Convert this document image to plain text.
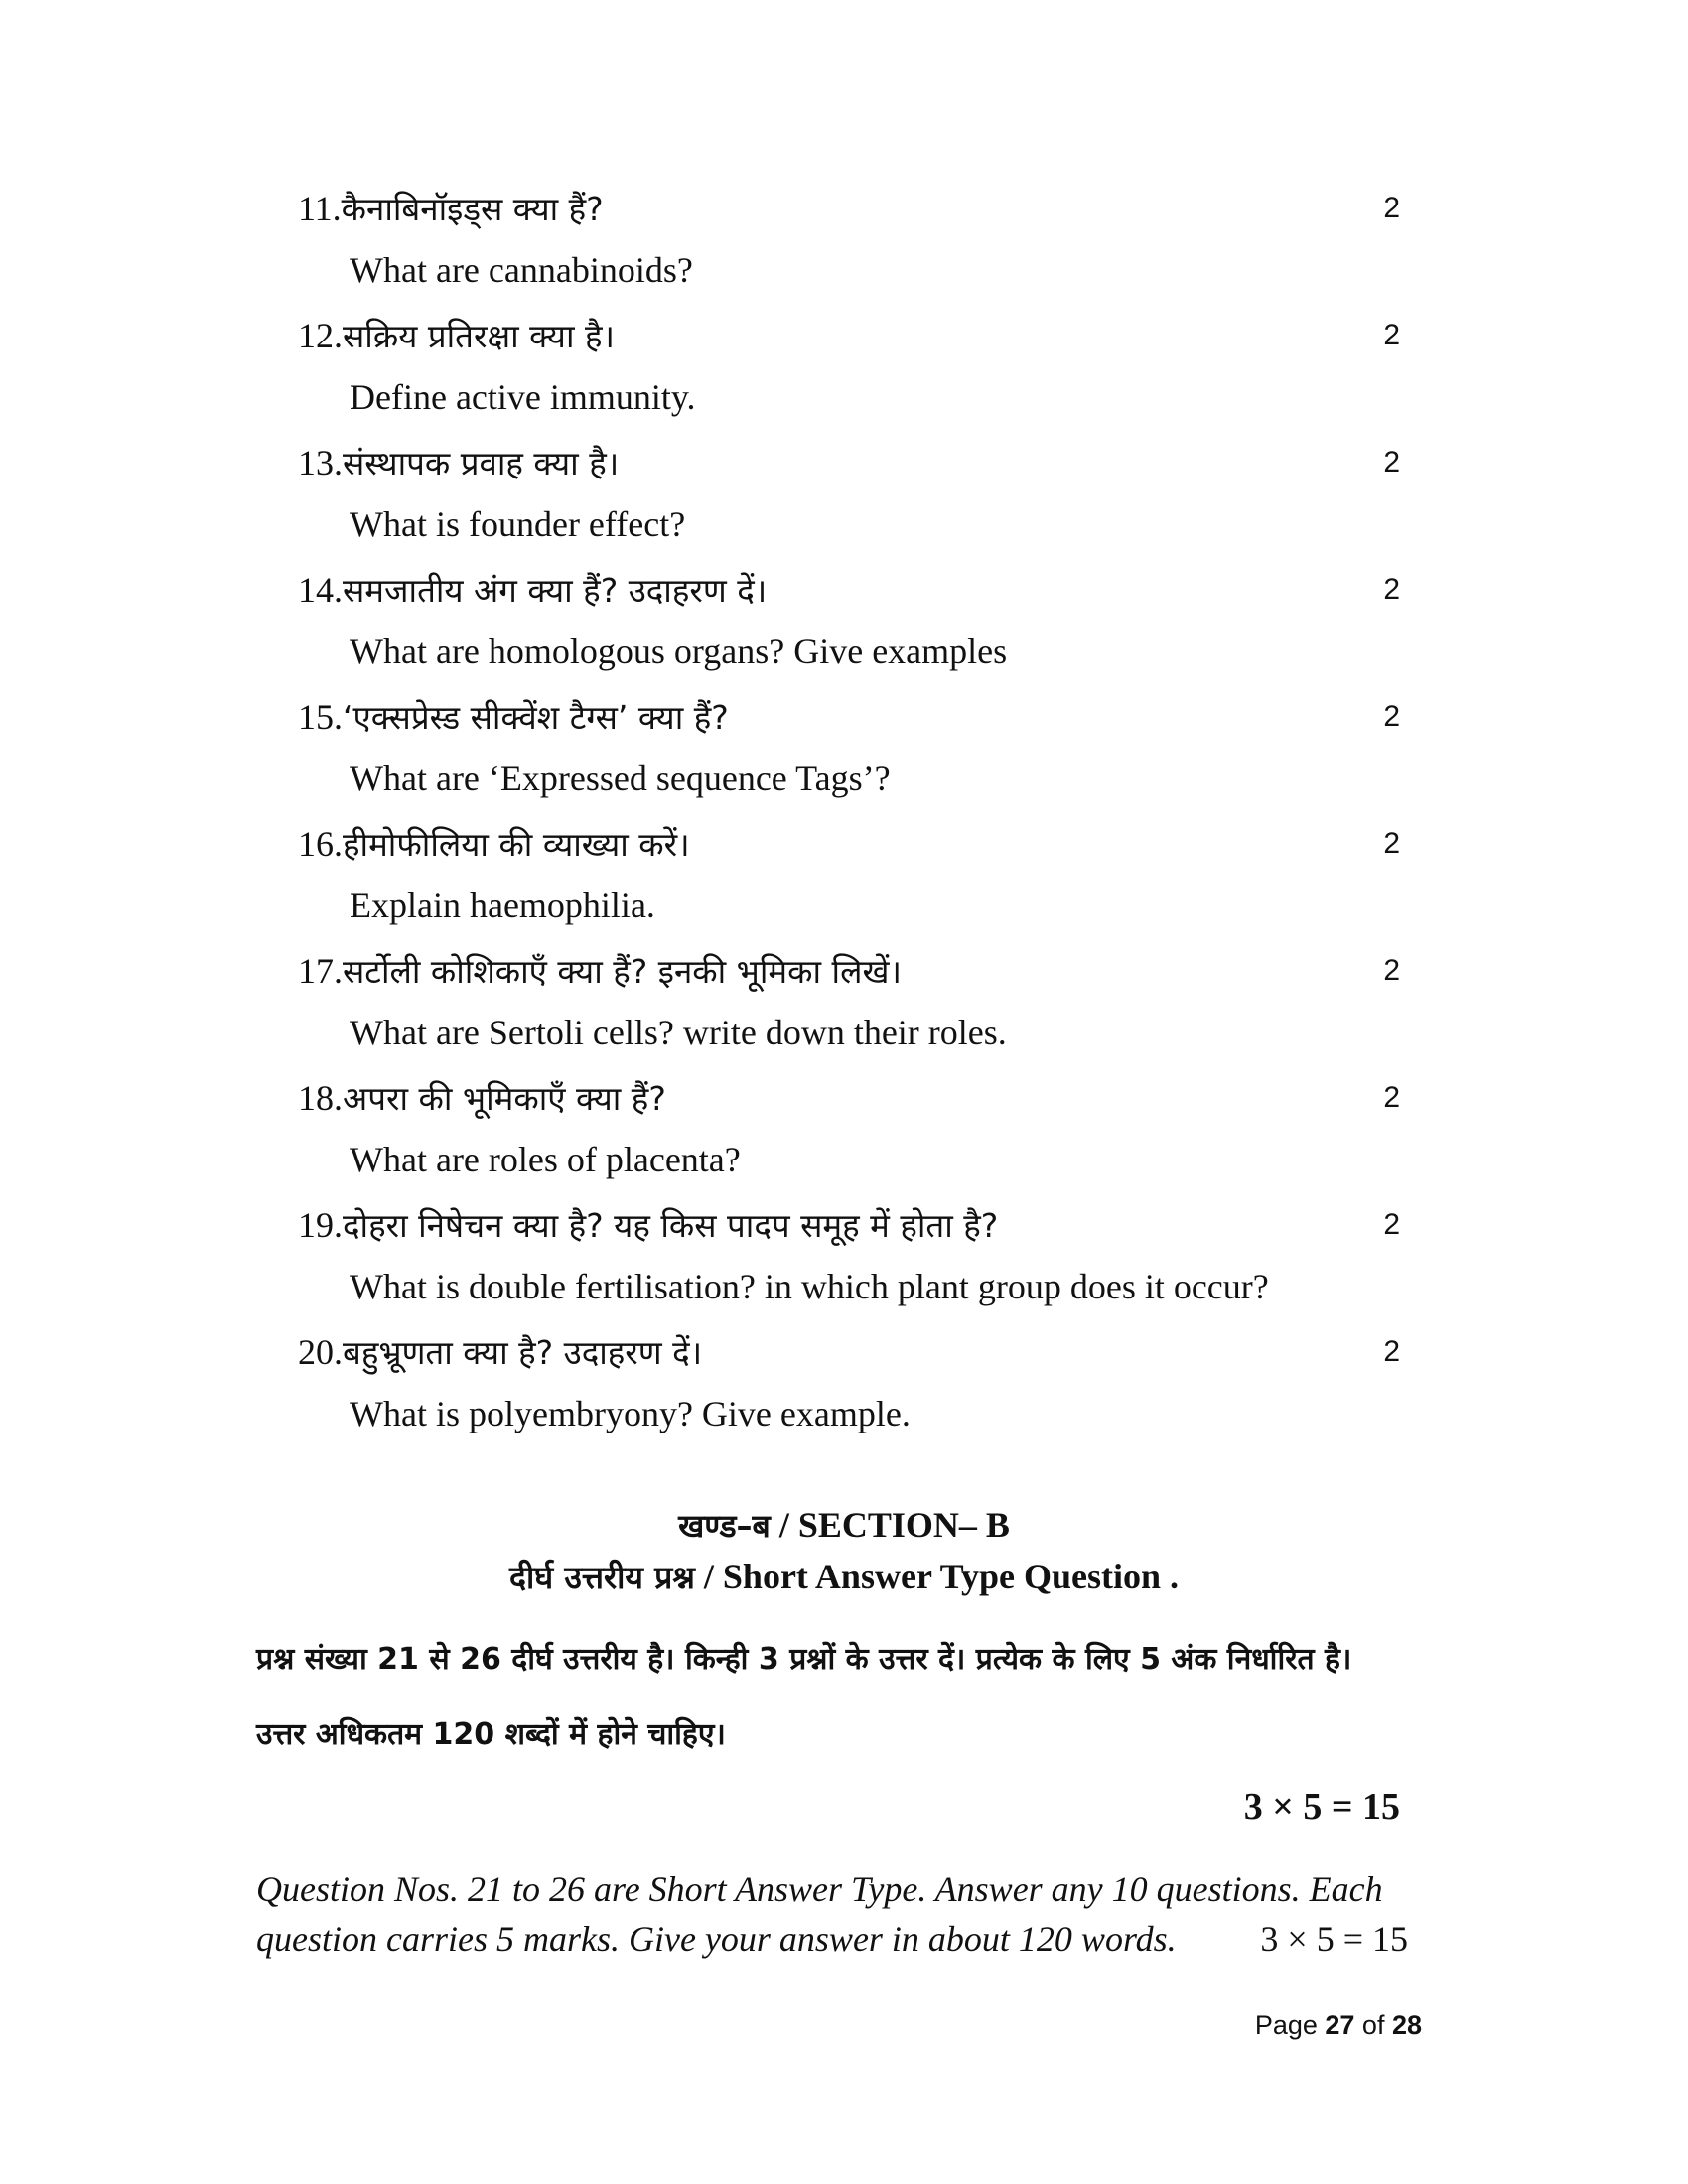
11.कैनाबिनॉइड्स क्या हैं?	2
What are cannabinoids?
12.सक्रिय प्रतिरक्षा क्या है।	2
Define active immunity.
13.संस्थापक प्रवाह क्या है।	2
What is founder effect?
14.समजातीय अंग क्या हैं? उदाहरण दें।	2
What are homologous organs? Give examples
15.‘एक्सप्रेस्ड सीक्वेंश टैग्स’ क्या हैं?	2
What are ‘Expressed sequence Tags’?
16.हीमोफीलिया की व्याख्या करें।	2
Explain haemophilia.
17.सर्टोली कोशिकाएँ क्या हैं? इनकी भूमिका लिखें।	2
What are Sertoli cells? write down their roles.
18.अपरा की भूमिकाएँ क्या हैं?	2
What are roles of placenta?
19.दोहरा निषेचन क्या है? यह किस पादप समूह में होता है?	2
What is double fertilisation? in which plant group does it occur?
20.बहुभ्रूणता क्या है? उदाहरण दें।	2
What is polyembryony? Give example.
खण्ड–ब / SECTION– B
दीर्घ उत्तरीय प्रश्न / Short Answer Type Question .
प्रश्न संख्या 21 से 26 दीर्घ उत्तरीय है। किन्ही 3 प्रश्नों के उत्तर दें। प्रत्येक के लिए 5 अंक निर्धारित है। उत्तर अधिकतम 120 शब्दों में होने चाहिए।
3 × 5 = 15
Question Nos. 21 to 26 are Short Answer Type. Answer any 10 questions. Each question carries 5 marks. Give your answer in about 120 words. 3 × 5 = 15
Page 27 of 28
